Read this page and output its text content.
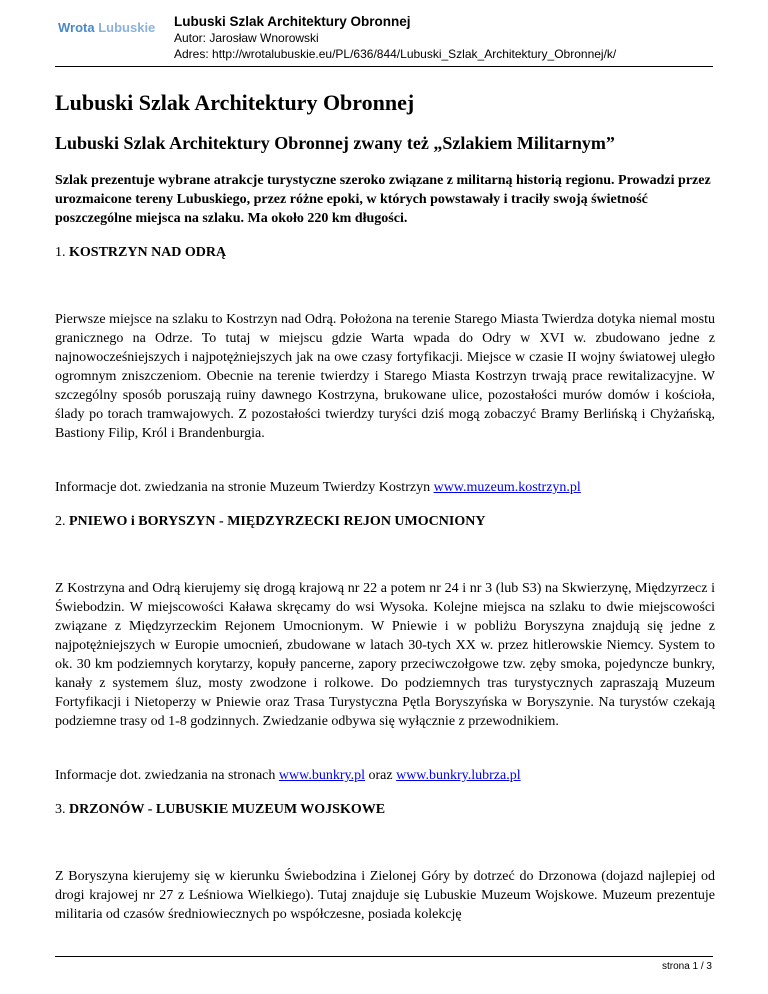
Wrota Lubuskie Lubuski Szlak Architektury Obronnej
Autor: Jarosław Wnorowski
Adres: http://wrotalubuskie.eu/PL/636/844/Lubuski_Szlak_Architektury_Obronnej/k/
Lubuski Szlak Architektury Obronnej
Lubuski Szlak Architektury Obronnej zwany też „Szlakiem Militarnym”

Szlak prezentuje wybrane atrakcje turystyczne szeroko związane z militarną historią regionu. Prowadzi przez urozmaicone tereny Lubuskiego, przez różne epoki, w których powstawały i traciły swoją świetność poszczególne miejsca na szlaku. Ma około 220 km długości.

1. KOSTRZYN NAD ODRĄ

Pierwsze miejsce na szlaku to Kostrzyn nad Odrą. Położona na terenie Starego Miasta Twierdza dotyka niemal mostu granicznego na Odrze. To tutaj w miejscu gdzie Warta wpada do Odry w XVI w. zbudowano jedne z najnowocześniejszych i najpotężniejszych jak na owe czasy fortyfikacji. Miejsce w czasie II wojny światowej uległo ogromnym zniszczeniom. Obecnie na terenie twierdzy i Starego Miasta Kostrzyn trwają prace rewitalizacyjne. W szczególny sposób poruszają ruiny dawnego Kostrzyna, brukowane ulice, pozostałości murów domów i kościoła, ślady po torach tramwajowych. Z pozostałości twierdzy turyści dziś mogą zobaczyć Bramy Berlińską i Chyżańską, Bastiony Filip, Król i Brandenburgia.

Informacje dot. zwiedzania na stronie Muzeum Twierdzy Kostrzyn www.muzeum.kostrzyn.pl

2. PNIEWO i BORYSZYN - MIĘDZYRZECKI REJON UMOCNIONY

Z Kostrzyna and Odrą kierujemy się drogą krajową nr 22 a potem nr 24 i nr 3 (lub S3) na Skwierzynę, Międzyrzecz i Świebodzin. W miejscowości Kaława skręcamy do wsi Wysoka. Kolejne miejsca na szlaku to dwie miejscowości związane z Międzyrzeckim Rejonem Umocnionym. W Pniewie i w pobliżu Boryszyna znajdują się jedne z najpotężniejszych w Europie umocnień, zbudowane w latach 30-tych XX w. przez hitlerowskie Niemcy. System to ok. 30 km podziemnych korytarzy, kopuły pancerne, zapory przeciwczołgowe tzw. zęby smoka, pojedyncze bunkry, kanały z systemem śluz, mosty zwodzone i rolkowe. Do podziemnych tras turystycznych zapraszają Muzeum Fortyfikacji i Nietoperzy w Pniewie oraz Trasa Turystyczna Pętla Boryszyńska w Boryszynie. Na turystów czekają podziemne trasy od 1-8 godzinnych. Zwiedzanie odbywa się wyłącznie z przewodnikiem.

Informacje dot. zwiedzania na stronach www.bunkry.pl oraz www.bunkry.lubrza.pl

3. DRZONÓW - LUBUSKIE MUZEUM WOJSKOWE

Z Boryszyna kierujemy się w kierunku Świebodzina i Zielonej Góry by dotrzeć do Drzonowa (dojazd najlepiej od drogi krajowej nr 27 z Leśniowa Wielkiego). Tutaj znajduje się Lubuskie Muzeum Wojskowe. Muzeum prezentuje militaria od czasów średniowiecznych po współczesne, posiada kolekcję

strona 1 / 3
